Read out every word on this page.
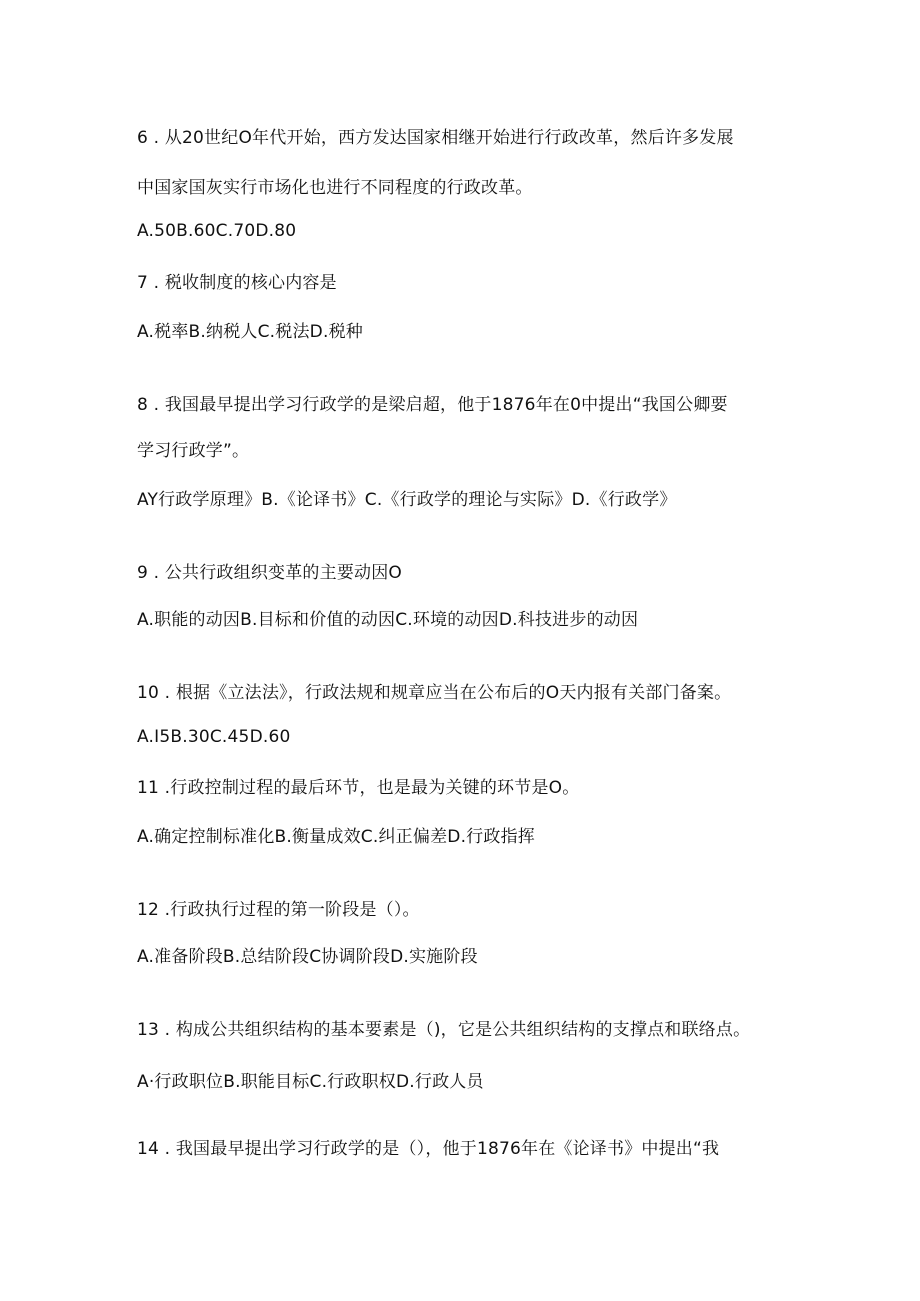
6 . 从20世纪O年代开始，西方发达国家相继开始进行行政改革，然后许多发展
中国家国灰实行市场化也进行不同程度的行政改革。
A.50B.60C.70D.80
7 . 税收制度的核心内容是
A.税率B.纳税人C.税法D.税种
8 . 我国最早提出学习行政学的是梁启超，他于1876年在0中提出“我国公卿要
学习行政学”。
AY行政学原理》B.《论译书》C.《行政学的理论与实际》D.《行政学》
9 . 公共行政组织变革的主要动因O
A.职能的动因B.目标和价值的动因C.环境的动因D.科技进步的动因
10 . 根据《立法法》，行政法规和规章应当在公布后的O天内报有关部门备案。
A.I5B.30C.45D.60
11 .行政控制过程的最后环节，也是最为关键的环节是O。
A.确定控制标准化B.衡量成效C.纠正偏差D.行政指挥
12 .行政执行过程的第一阶段是（）。
A.准备阶段B.总结阶段C协调阶段D.实施阶段
13 . 构成公共组织结构的基本要素是（)，它是公共组织结构的支撑点和联络点。
A·行政职位B.职能目标C.行政职权D.行政人员
14 . 我国最早提出学习行政学的是（），他于1876年在《论译书》中提出“我
